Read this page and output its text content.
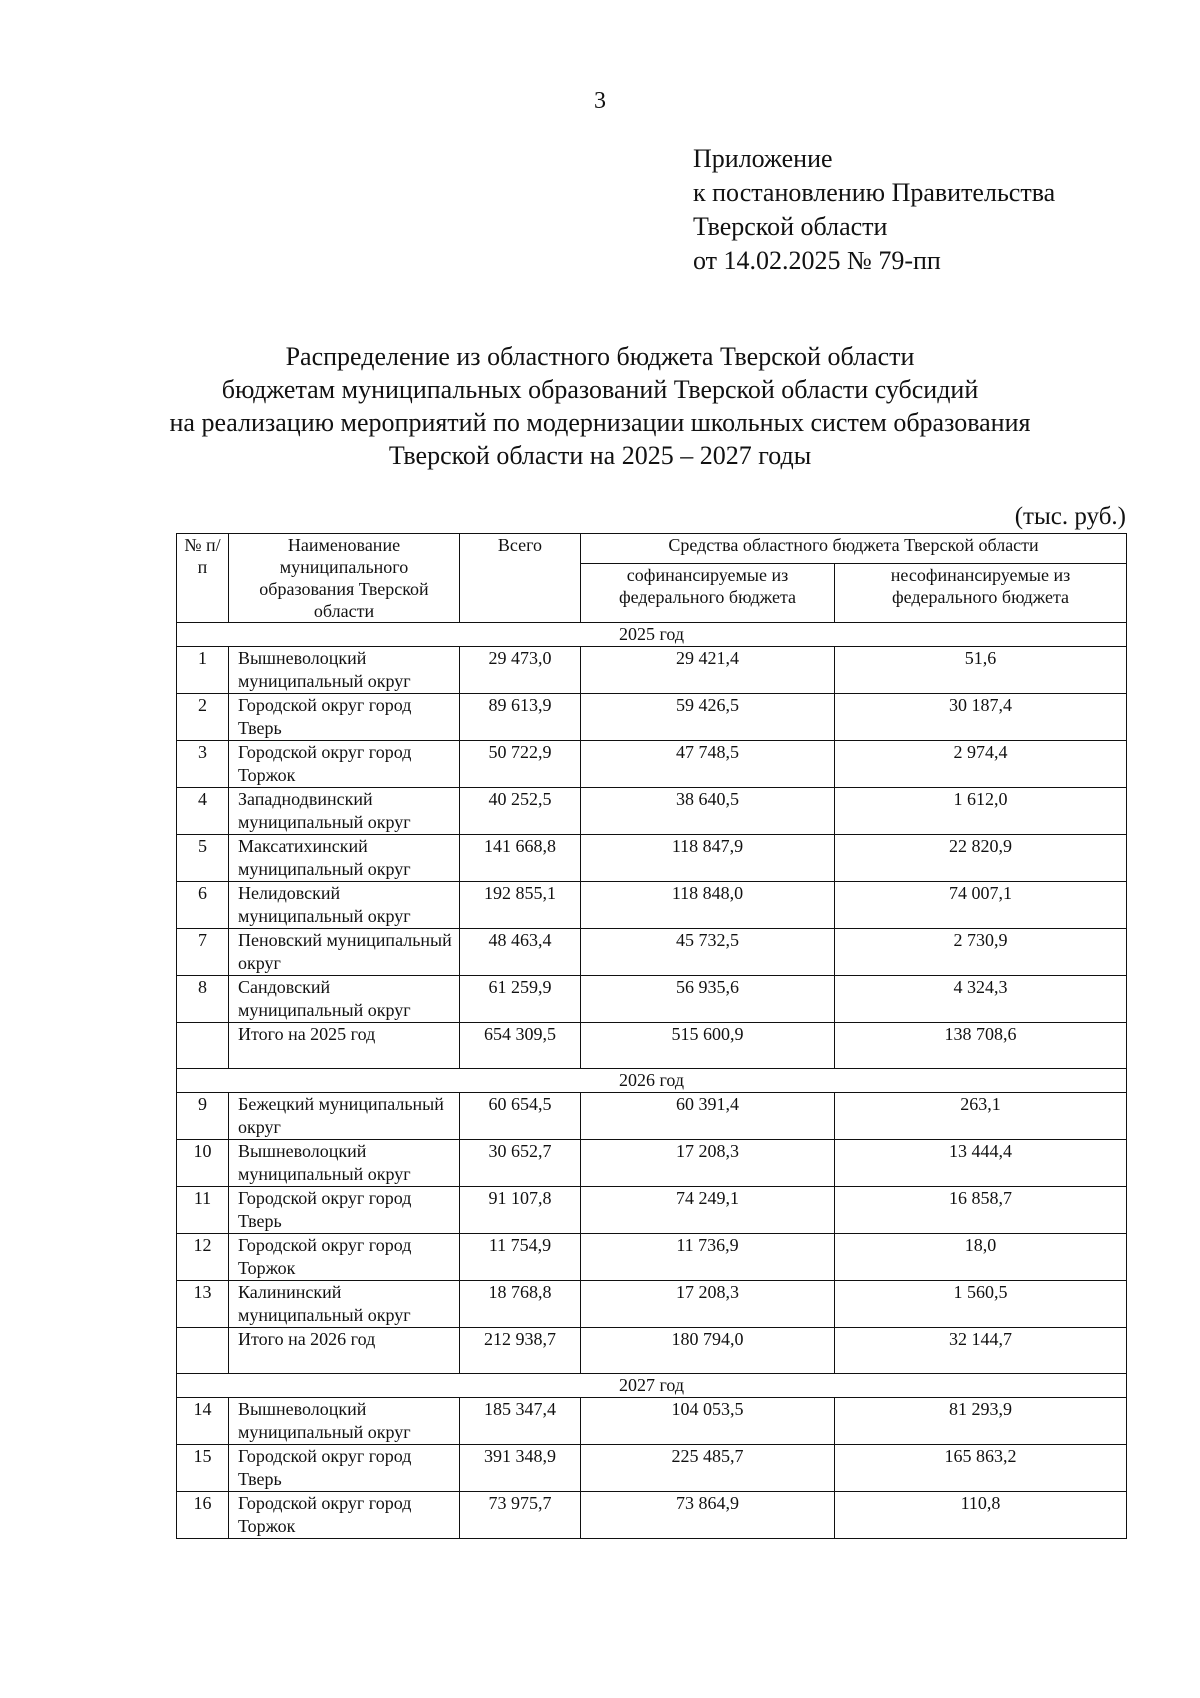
3
Приложение
к постановлению Правительства
Тверской области
от 14.02.2025 № 79-пп
Распределение из областного бюджета Тверской области
бюджетам муниципальных образований Тверской области субсидий
на реализацию мероприятий по модернизации школьных систем образования
Тверской области на 2025 – 2027 годы
(тыс. руб.)
№ п/п	Наименование муниципального образования Тверской области	Всего	Средства областного бюджета Тверской области	
			софинансируемые из федерального бюджета	несофинансируемые из федерального бюджета
2025 год				
1	Вышневолоцкий муниципальный округ	29 473,0	29 421,4	51,6
2	Городской округ город Тверь	89 613,9	59 426,5	30 187,4
3	Городской округ город Торжок	50 722,9	47 748,5	2 974,4
4	Западнодвинский муниципальный округ	40 252,5	38 640,5	1 612,0
5	Максатихинский муниципальный округ	141 668,8	118 847,9	22 820,9
6	Нелидовский муниципальный округ	192 855,1	118 848,0	74 007,1
7	Пеновский муниципальный округ	48 463,4	45 732,5	2 730,9
8	Сандовский муниципальный округ	61 259,9	56 935,6	4 324,3
	Итого на 2025 год	654 309,5	515 600,9	138 708,6
2026 год				
9	Бежецкий муниципальный округ	60 654,5	60 391,4	263,1
10	Вышневолоцкий муниципальный округ	30 652,7	17 208,3	13 444,4
11	Городской округ город Тверь	91 107,8	74 249,1	16 858,7
12	Городской округ город Торжок	11 754,9	11 736,9	18,0
13	Калининский муниципальный округ	18 768,8	17 208,3	1 560,5
	Итого на 2026 год	212 938,7	180 794,0	32 144,7
2027 год				
14	Вышневолоцкий муниципальный округ	185 347,4	104 053,5	81 293,9
15	Городской округ город Тверь	391 348,9	225 485,7	165 863,2
16	Городской округ город Торжок	73 975,7	73 864,9	110,8
